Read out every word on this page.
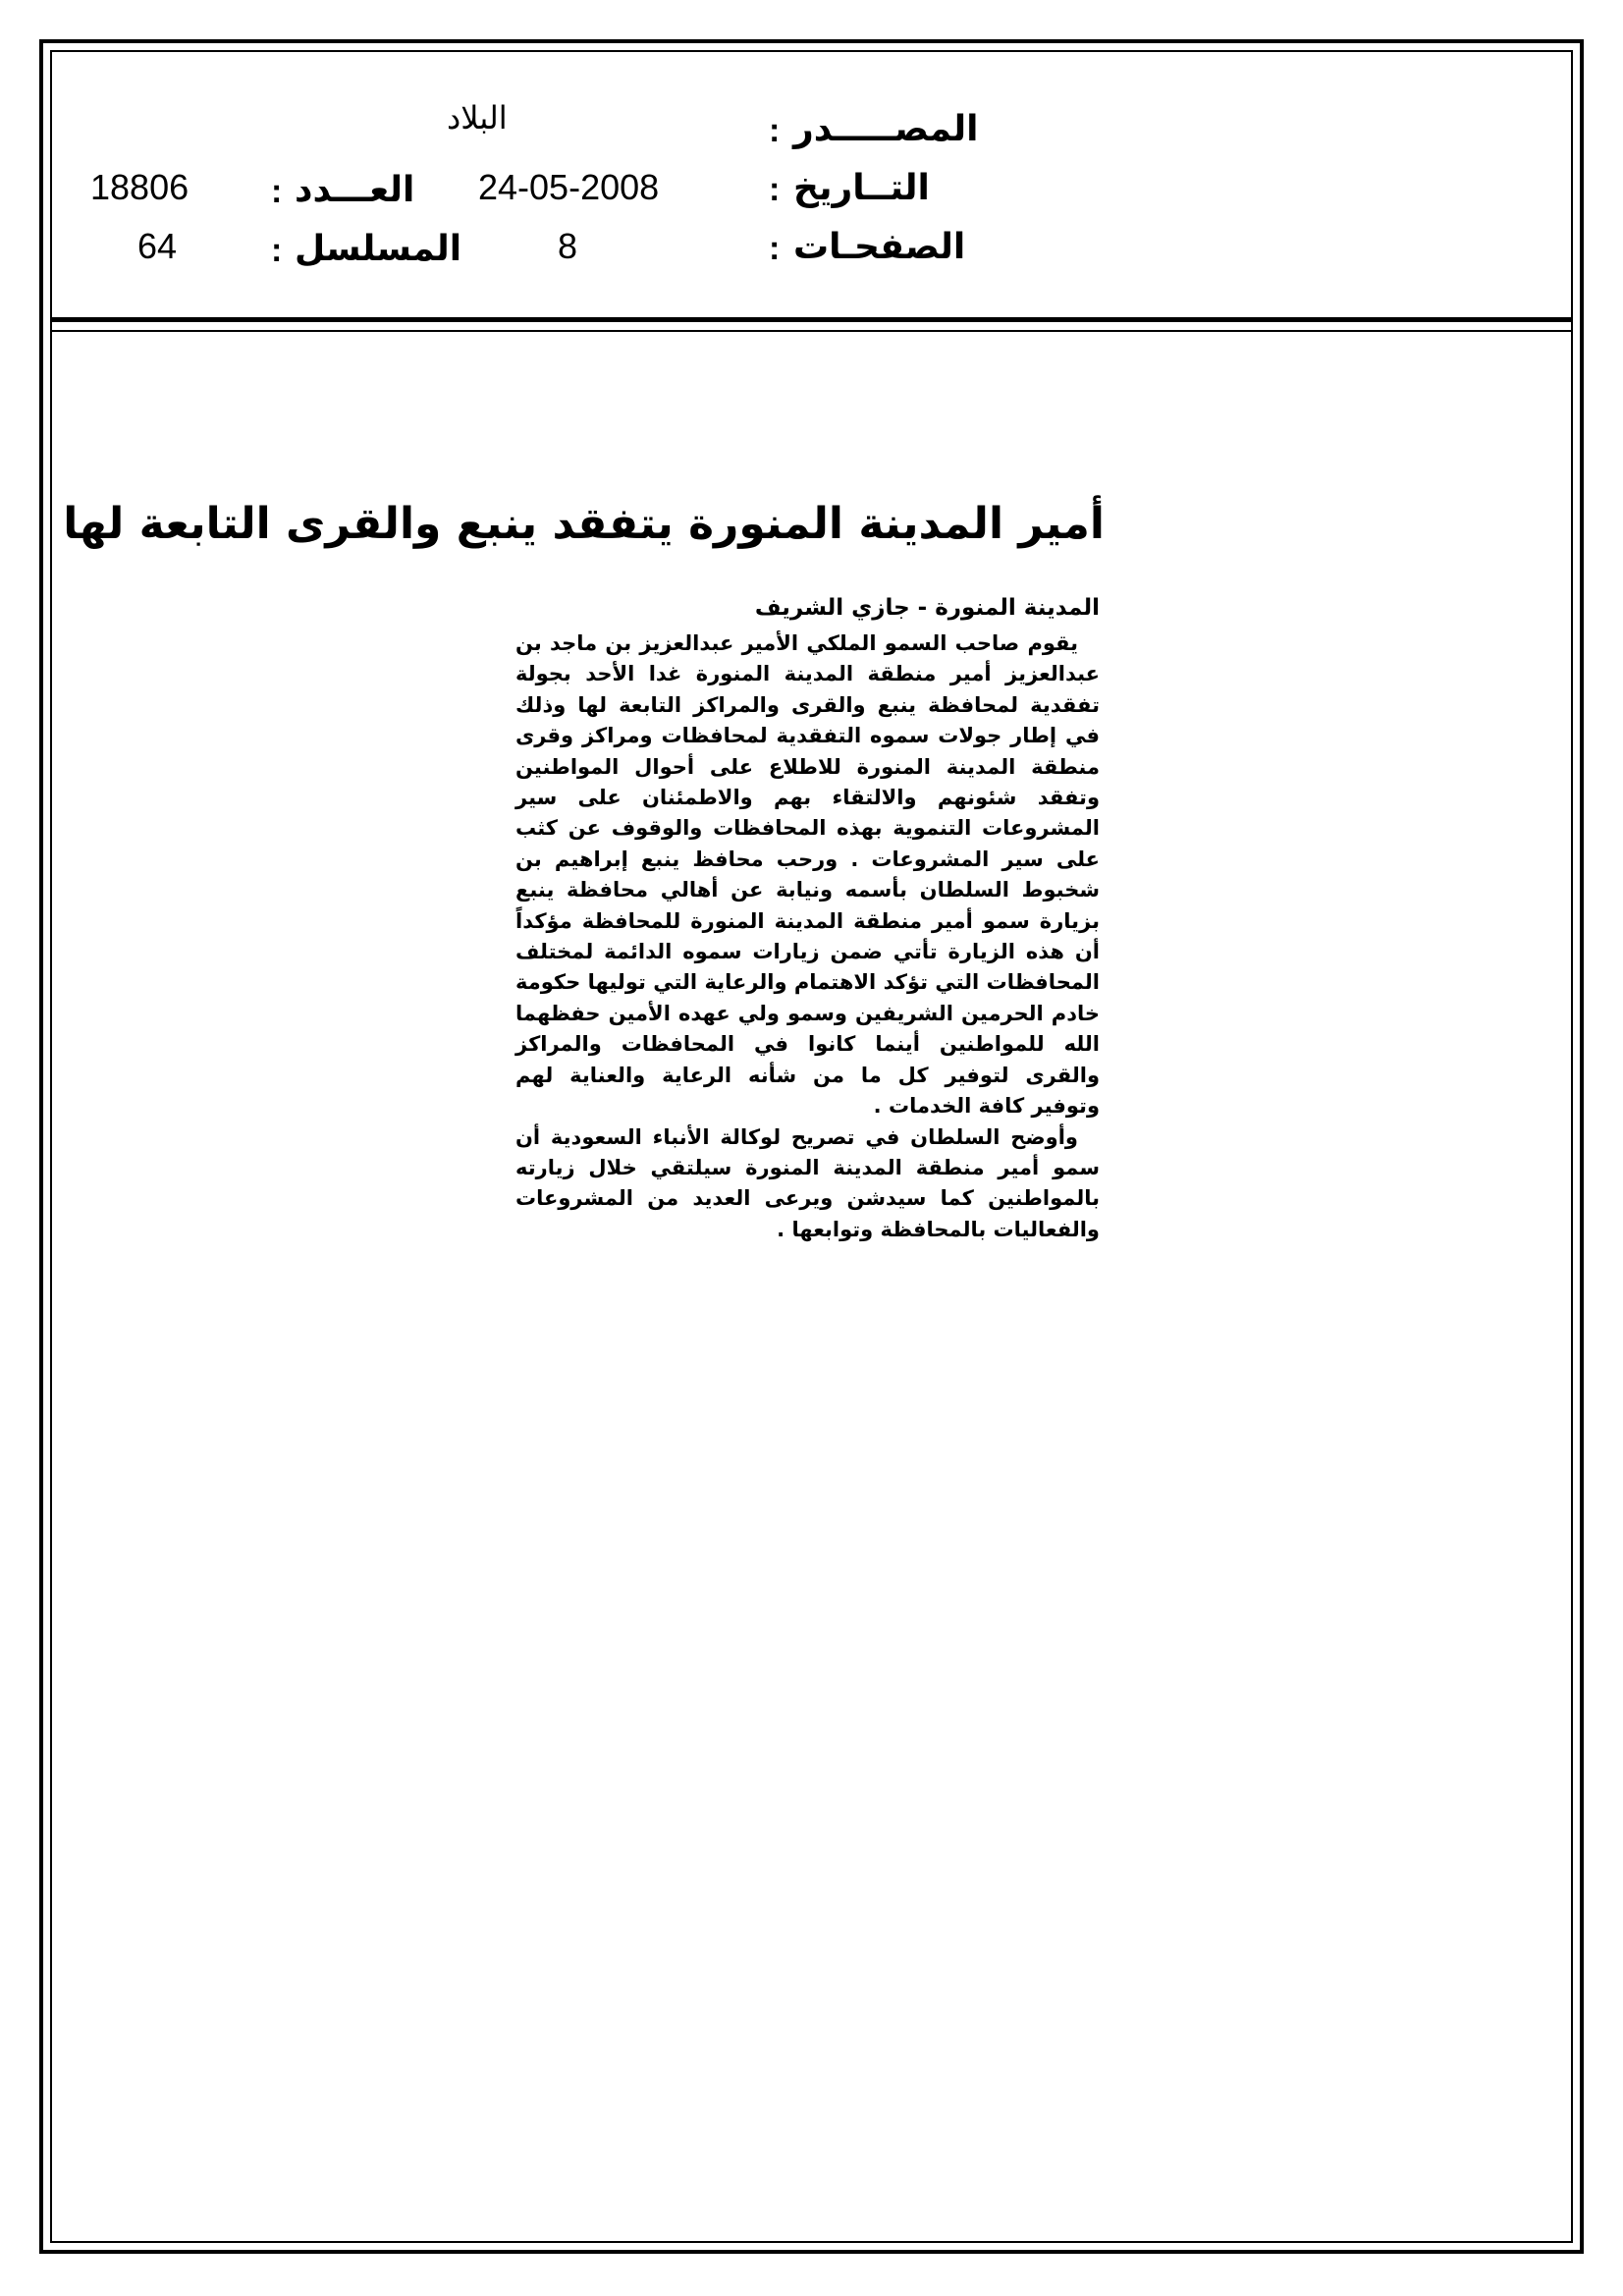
المصـــــدر
:
البلاد
التــاريخ
:
24-05-2008
العـــدد
:
18806
الصفحـات
:
8
المسلسل
:
64
أمير المدينة المنورة يتفقد ينبع والقرى التابعة لها
المدينة المنورة - جازي الشريف

يقوم صاحب السمو الملكي الأمير عبدالعزيز بن ماجد بن عبدالعزيز أمير منطقة المدينة المنورة غدا الأحد بجولة تفقدية لمحافظة ينبع والقرى والمراكز التابعة لها وذلك في إطار جولات سموه التفقدية لمحافظات ومراكز وقرى منطقة المدينة المنورة للاطلاع على أحوال المواطنين وتفقد شئونهم والالتقاء بهم والاطمئنان على سير المشروعات التنموية بهذه المحافظات والوقوف عن كثب على سير المشروعات . ورحب محافظ ينبع إبراهيم بن شخبوط السلطان بأسمه ونيابة عن أهالي محافظة ينبع بزيارة سمو أمير منطقة المدينة المنورة للمحافظة مؤكداً أن هذه الزيارة تأتي ضمن زيارات سموه الدائمة لمختلف المحافظات التي تؤكد الاهتمام والرعاية التي توليها حكومة خادم الحرمين الشريفين وسمو ولي عهده الأمين حفظهما الله للمواطنين أينما كانوا في المحافظات والمراكز والقرى لتوفير كل ما من شأنه الرعاية والعناية لهم وتوفير كافة الخدمات .

وأوضح السلطان في تصريح لوكالة الأنباء السعودية أن سمو أمير منطقة المدينة المنورة سيلتقي خلال زيارته بالمواطنين كما سيدشن ويرعى العديد من المشروعات والفعاليات بالمحافظة وتوابعها .
